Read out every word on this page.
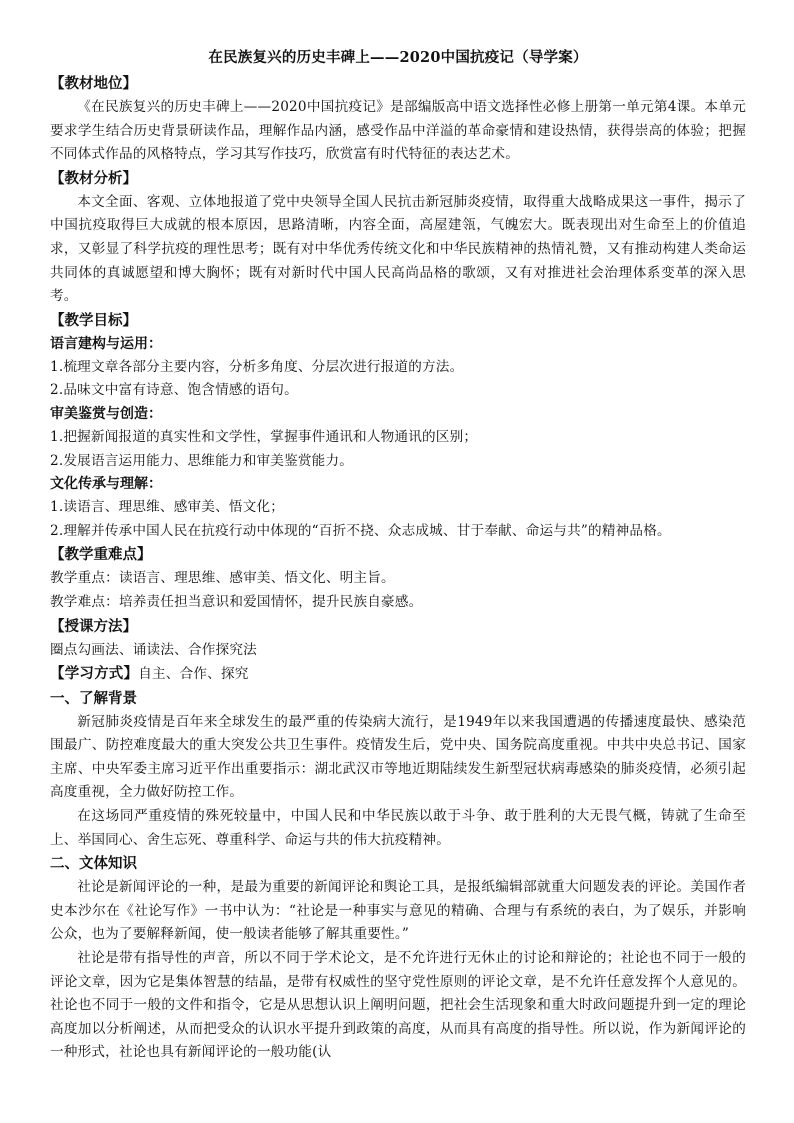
在民族复兴的历史丰碑上——2020中国抗疫记（导学案）

【教材地位】

《在民族复兴的历史丰碑上——2020中国抗疫记》是部编版高中语文选择性必修上册第一单元第4课。本单元要求学生结合历史背景研读作品，理解作品内涵，感受作品中洋溢的革命豪情和建设热情，获得崇高的体验；把握不同体式作品的风格特点，学习其写作技巧，欣赏富有时代特征的表达艺术。

【教材分析】

本文全面、客观、立体地报道了党中央领导全国人民抗击新冠肺炎疫情，取得重大战略成果这一事件，揭示了中国抗疫取得巨大成就的根本原因，思路清晰，内容全面，高屋建瓴，气魄宏大。既表现出对生命至上的价值追求，又彰显了科学抗疫的理性思考；既有对中华优秀传统文化和中华民族精神的热情礼赞，又有推动构建人类命运共同体的真诚愿望和博大胸怀；既有对新时代中国人民高尚品格的歌颂，又有对推进社会治理体系变革的深入思考。

【教学目标】

语言建构与运用：

1.梳理文章各部分主要内容，分析多角度、分层次进行报道的方法。

2.品味文中富有诗意、饱含情感的语句。

审美鉴赏与创造：

1.把握新闻报道的真实性和文学性，掌握事件通讯和人物通讯的区别；

2.发展语言运用能力、思维能力和审美鉴赏能力。

文化传承与理解：

1.读语言、理思维、感审美、悟文化；

2.理解并传承中国人民在抗疫行动中体现的“百折不挠、众志成城、甘于奉献、命运与共”的精神品格。

【教学重难点】

教学重点：读语言、理思维、感审美、悟文化、明主旨。

教学难点：培养责任担当意识和爱国情怀，提升民族自豪感。

【授课方法】

圈点勾画法、诵读法、合作探究法

【学习方式】自主、合作、探究

一、了解背景

新冠肺炎疫情是百年来全球发生的最严重的传染病大流行，是1949年以来我国遭遇的传播速度最快、感染范围最广、防控难度最大的重大突发公共卫生事件。疫情发生后，党中央、国务院高度重视。中共中央总书记、国家主席、中央军委主席习近平作出重要指示：湖北武汉市等地近期陆续发生新型冠状病毒感染的肺炎疫情，必须引起高度重视，全力做好防控工作。

在这场同严重疫情的殊死较量中，中国人民和中华民族以敢于斗争、敢于胜利的大无畏气概，铸就了生命至上、举国同心、舍生忘死、尊重科学、命运与共的伟大抗疫精神。

二、文体知识

社论是新闻评论的一种，是最为重要的新闻评论和舆论工具，是报纸编辑部就重大问题发表的评论。美国作者史本沙尔在《社论写作》一书中认为：“社论是一种事实与意见的精确、合理与有系统的表白，为了娱乐，并影响公众，也为了要解释新闻，使一般读者能够了解其重要性。”

社论是带有指导性的声音，所以不同于学术论文，是不允许进行无休止的讨论和辩论的；社论也不同于一般的评论文章，因为它是集体智慧的结晶，是带有权威性的坚守党性原则的评论文章，是不允许任意发挥个人意见的。社论也不同于一般的文件和指令，它是从思想认识上阐明问题，把社会生活现象和重大时政问题提升到一定的理论高度加以分析阐述，从而把受众的认识水平提升到政策的高度，从而具有高度的指导性。所以说，作为新闻评论的一种形式，社论也具有新闻评论的一般功能(认
